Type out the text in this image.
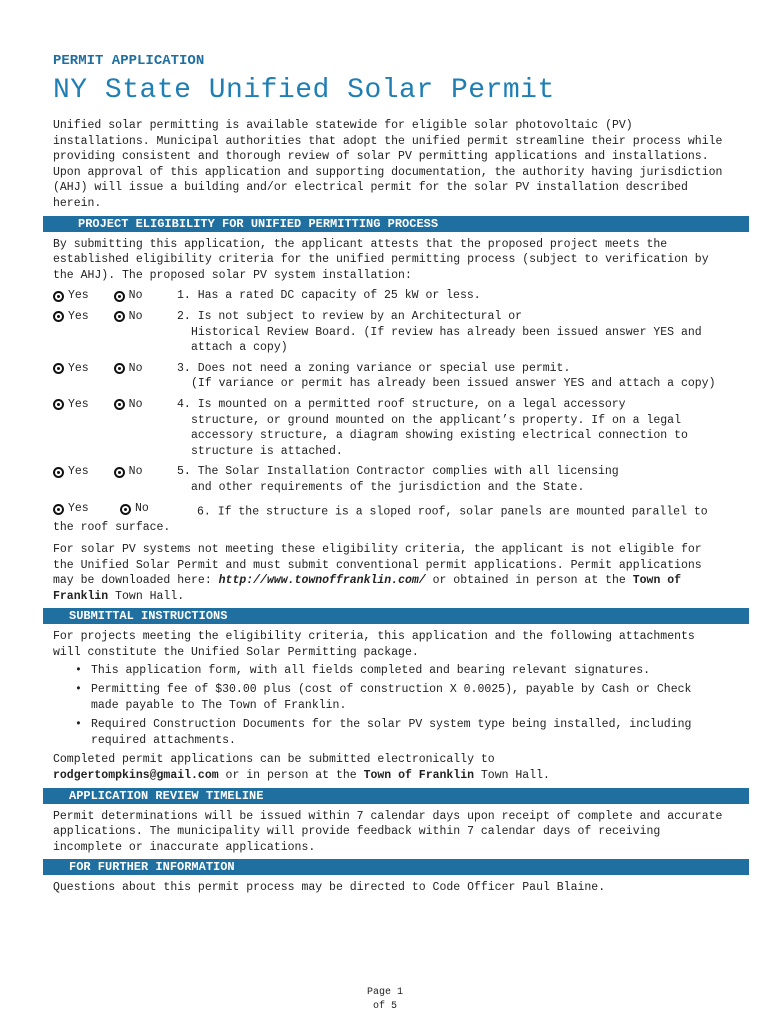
PERMIT APPLICATION
NY State Unified Solar Permit

Unified solar permitting is available statewide for eligible solar photovoltaic (PV) installations. Municipal authorities that adopt the unified permit streamline their process while providing consistent and thorough review of solar PV permitting applications and installations. Upon approval of this application and supporting documentation, the authority having jurisdiction (AHJ) will issue a building and/or electrical permit for the solar PV installation described herein.

PROJECT ELIGIBILITY FOR UNIFIED PERMITTING PROCESS

By submitting this application, the applicant attests that the proposed project meets the established eligibility criteria for the unified permitting process (subject to verification by the AHJ). The proposed solar PV system installation:

Yes	No	1. Has a rated DC capacity of 25 kW or less.
Yes	No	2. Is not subject to review by an Architectural or
Historical Review Board. (If review has already been issued answer YES and attach a copy)
Yes	No	3. Does not need a zoning variance or special use permit.
(If variance or permit has already been issued answer YES and attach a copy)
Yes	No	4. Is mounted on a permitted roof structure, on a legal accessory
structure, or ground mounted on the applicant’s property. If on a legal accessory structure, a diagram showing existing electrical connection to structure is attached.
Yes	No	5. The Solar Installation Contractor complies with all licensing
and other requirements of the jurisdiction and the State.
Yes	No	6. If the structure is a sloped roof, solar panels are mounted parallel to the roof surface.

For solar PV systems not meeting these eligibility criteria, the applicant is not eligible for the Unified Solar Permit and must submit conventional permit applications. Permit applications may be downloaded here: http://www.townoffranklin.com/ or obtained in person at the Town of Franklin Town Hall.

SUBMITTAL INSTRUCTIONS

For projects meeting the eligibility criteria, this application and the following attachments will constitute the Unified Solar Permitting package.

• This application form, with all fields completed and bearing relevant signatures.
• Permitting fee of $30.00 plus (cost of construction X 0.0025), payable by Cash or Check made payable to The Town of Franklin.
• Required Construction Documents for the solar PV system type being installed, including required attachments.

Completed permit applications can be submitted electronically to
rodgertompkins@gmail.com or in person at the Town of Franklin Town Hall.

APPLICATION REVIEW TIMELINE

Permit determinations will be issued within 7 calendar days upon receipt of complete and accurate applications. The municipality will provide feedback within 7 calendar days of receiving incomplete or inaccurate applications.

FOR FURTHER INFORMATION

Questions about this permit process may be directed to Code Officer Paul Blaine.

Page 1
of 5
